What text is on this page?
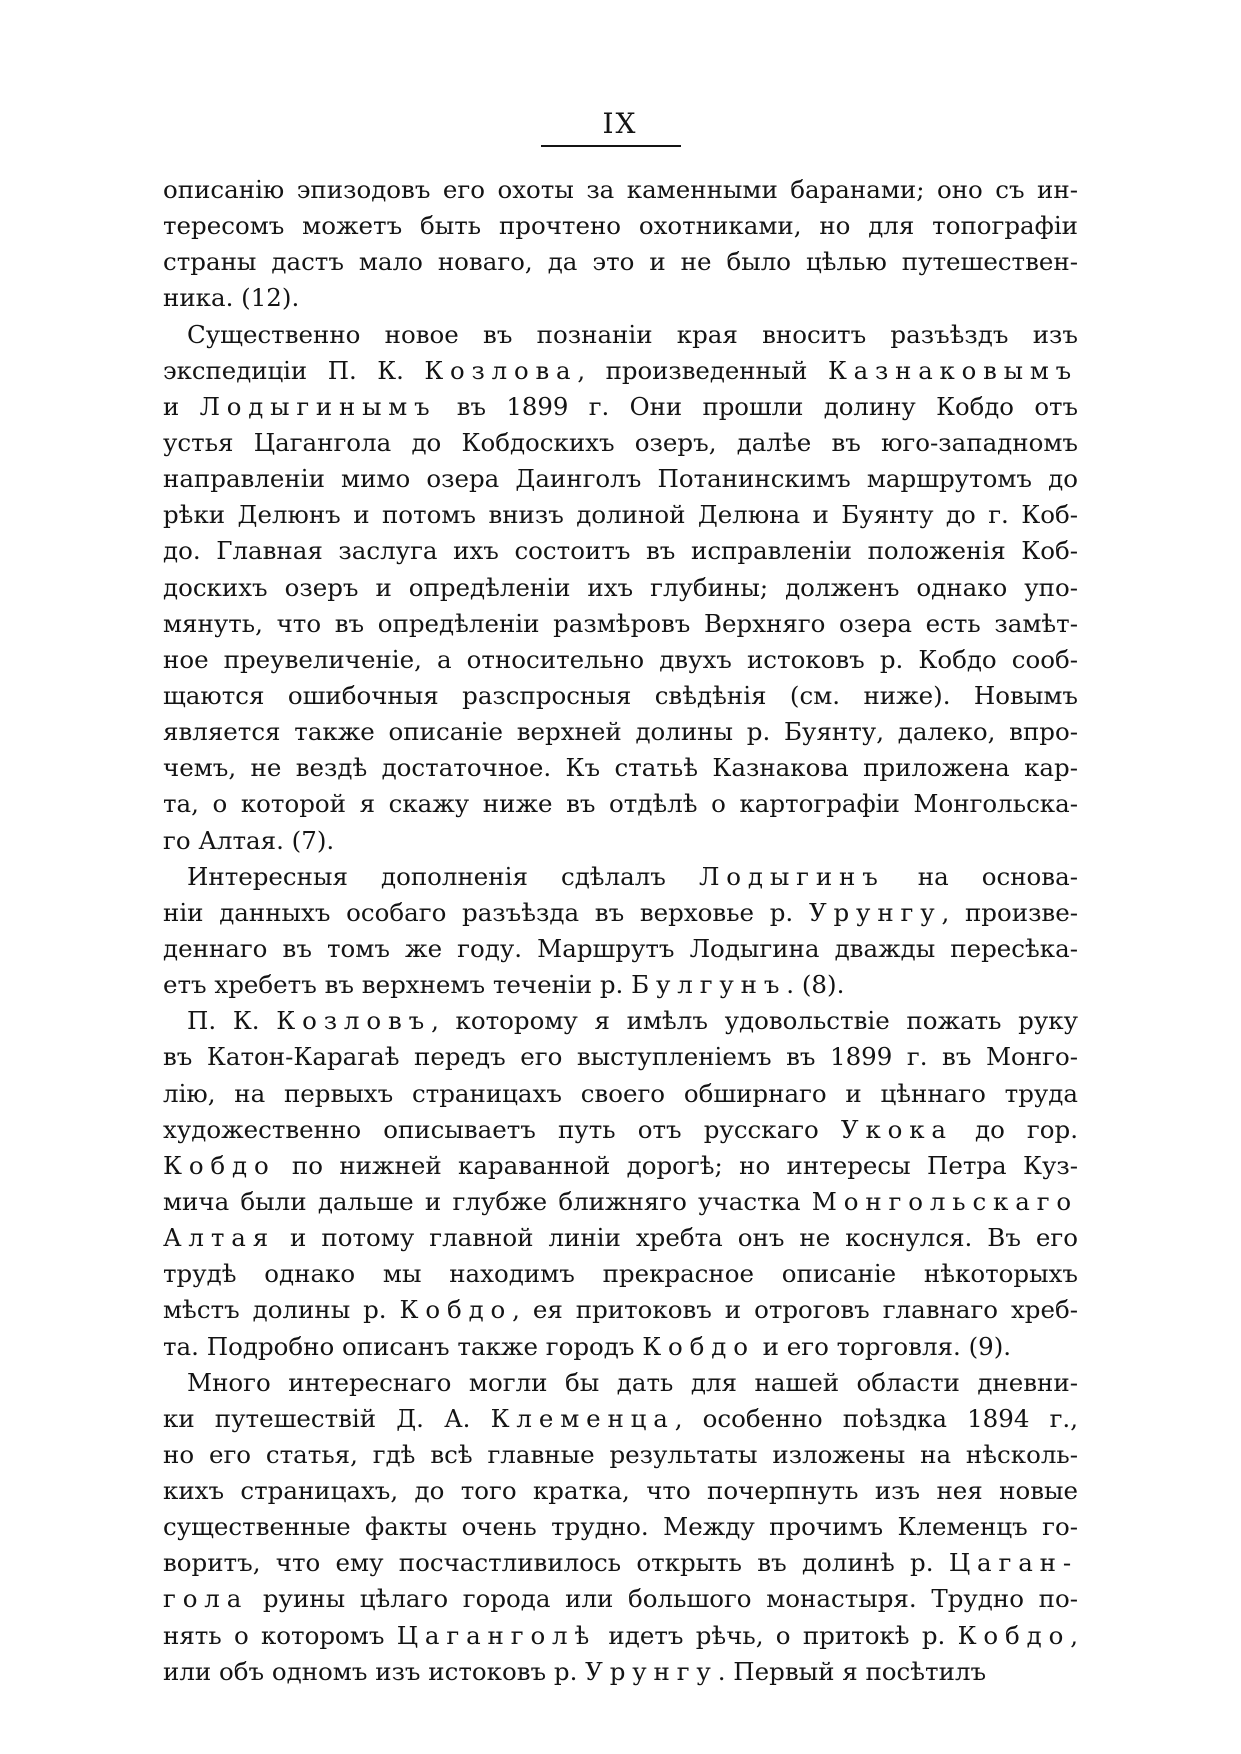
IX
описанію эпизодовъ его охоты за каменными баранами; оно съ ин-
тересомъ можетъ быть прочтено охотниками, но для топографіи
страны дастъ мало новаго, да это и не было цѣлью путешествен-
ника. (12).
Существенно новое въ познаніи края вноситъ разъѣздъ изъ
экспедиціи П. К. Козлова, произведенный Казнаковымъ
и Лодыгинымъ въ 1899 г. Они прошли долину Кобдо отъ
устья Цагангола до Кобдоскихъ озеръ, далѣе въ юго-западномъ
направленіи мимо озера Даинголъ Потанинскимъ маршрутомъ до
рѣки Делюнъ и потомъ внизъ долиной Делюна и Буянту до г. Коб-
до. Главная заслуга ихъ состоитъ въ исправленіи положенія Коб-
доскихъ озеръ и опредѣленіи ихъ глубины; долженъ однако упо-
мянуть, что въ опредѣленіи размѣровъ Верхняго озера есть замѣт-
ное преувеличеніе, а относительно двухъ истоковъ р. Кобдо сооб-
щаются ошибочныя разспросныя свѣдѣнія (см. ниже). Новымъ
является также описаніе верхней долины р. Буянту, далеко, впро-
чемъ, не вездѣ достаточное. Къ статьѣ Казнакова приложена кар-
та, о которой я скажу ниже въ отдѣлѣ о картографіи Монгольска-
го Алтая. (7).
Интересныя дополненія сдѣлалъ Лодыгинъ на основа-
ніи данныхъ особаго разъѣзда въ верховье р. Урунгу, произве-
деннаго въ томъ же году. Маршрутъ Лодыгина дважды пересѣка-
етъ хребетъ въ верхнемъ теченіи р. Булгунъ. (8).
П. К. Козловъ, которому я имѣлъ удовольствіе пожать руку
въ Катон-Карагаѣ передъ его выступленіемъ въ 1899 г. въ Монго-
лію, на первыхъ страницахъ своего обширнаго и цѣннаго труда
художественно описываетъ путь отъ русскаго Укока до гор.
Кобдо по нижней караванной дорогѣ; но интересы Петра Куз-
мича были дальше и глубже ближняго участка Монгольскаго
Алтая и потому главной линіи хребта онъ не коснулся. Въ его
трудѣ однако мы находимъ прекрасное описаніе нѣкоторыхъ
мѣстъ долины р. Кобдо, ея притоковъ и отроговъ главнаго хреб-
та. Подробно описанъ также городъ Кобдо и его торговля. (9).
Много интереснаго могли бы дать для нашей области дневни-
ки путешествій Д. А. Клеменца, особенно поѣздка 1894 г.,
но его статья, гдѣ всѣ главные результаты изложены на нѣсколь-
кихъ страницахъ, до того кратка, что почерпнуть изъ нея новые
существенные факты очень трудно. Между прочимъ Клеменцъ го-
воритъ, что ему посчастливилось открыть въ долинѣ р. Цаган-
гола руины цѣлаго города или большого монастыря. Трудно по-
нять о которомъ Цаганголѣ идетъ рѣчь, о притокѣ р. Кобдо,
или объ одномъ изъ истоковъ р. Урунгу. Первый я посѣтилъ
